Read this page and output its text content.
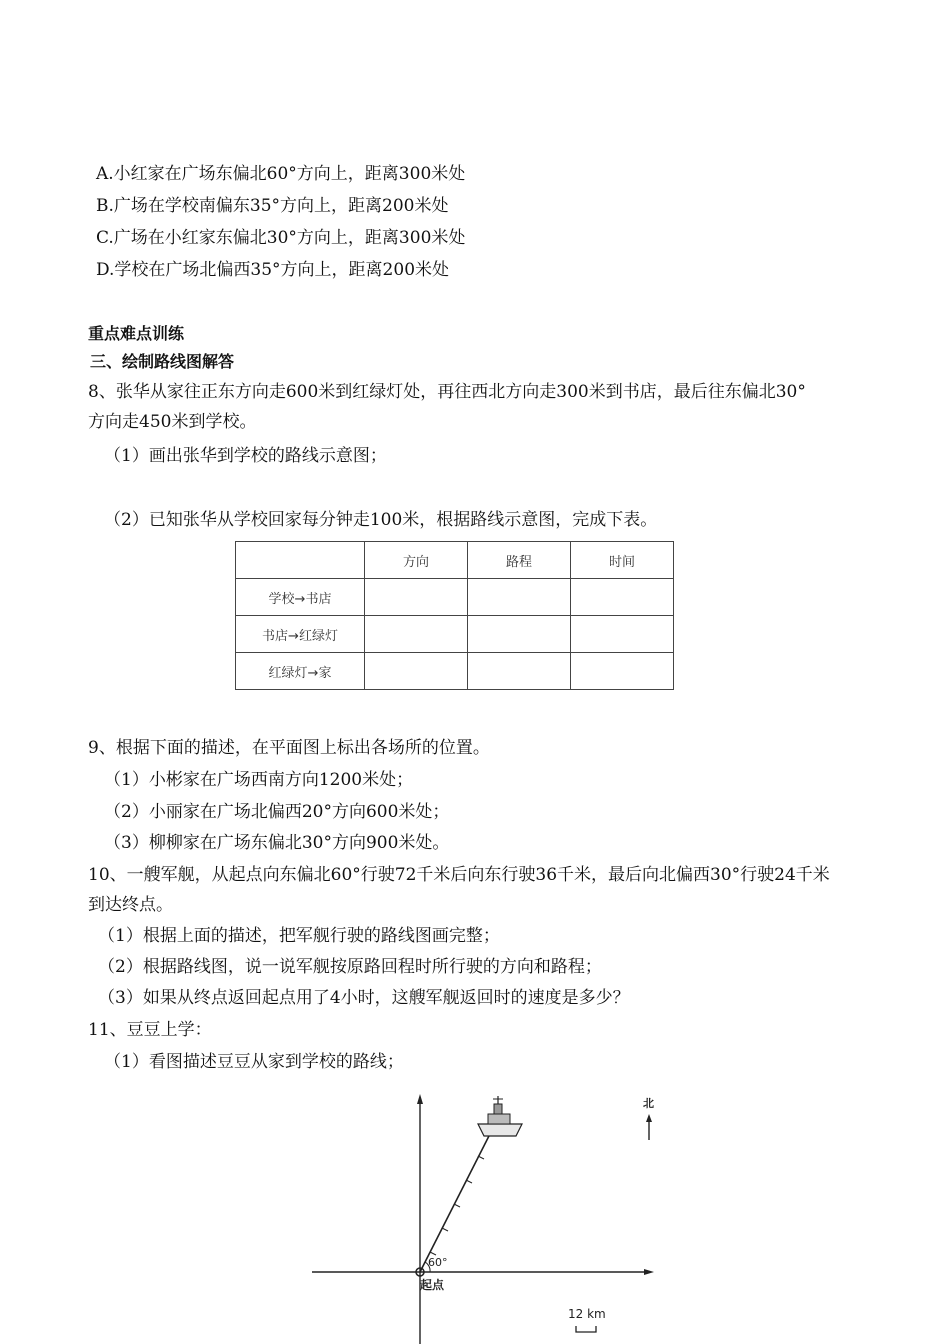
A.小红家在广场东偏北60°方向上，距离300米处
B.广场在学校南偏东35°方向上，距离200米处
C.广场在小红家东偏北30°方向上，距离300米处
D.学校在广场北偏西35°方向上，距离200米处
重点难点训练
三、绘制路线图解答
8、张华从家往正东方向走600米到红绿灯处，再往西北方向走300米到书店，最后往东偏北30°
方向走450米到学校。
（1）画出张华到学校的路线示意图；
（2）已知张华从学校回家每分钟走100米，根据路线示意图，完成下表。
	方向	路程	时间
学校→书店			
书店→红绿灯			
红绿灯→家			
9、根据下面的描述，在平面图上标出各场所的位置。
（1）小彬家在广场西南方向1200米处；
（2）小丽家在广场北偏西20°方向600米处；
（3）柳柳家在广场东偏北30°方向900米处。
10、一艘军舰，从起点向东偏北60°行驶72千米后向东行驶36千米，最后向北偏西30°行驶24千米
到达终点。
（1）根据上面的描述，把军舰行驶的路线图画完整；
（2）根据路线图，说一说军舰按原路回程时所行驶的方向和路程；
（3）如果从终点返回起点用了4小时，这艘军舰返回时的速度是多少？
11、豆豆上学：
（1）看图描述豆豆从家到学校的路线；
60°
起点
北
12 km
